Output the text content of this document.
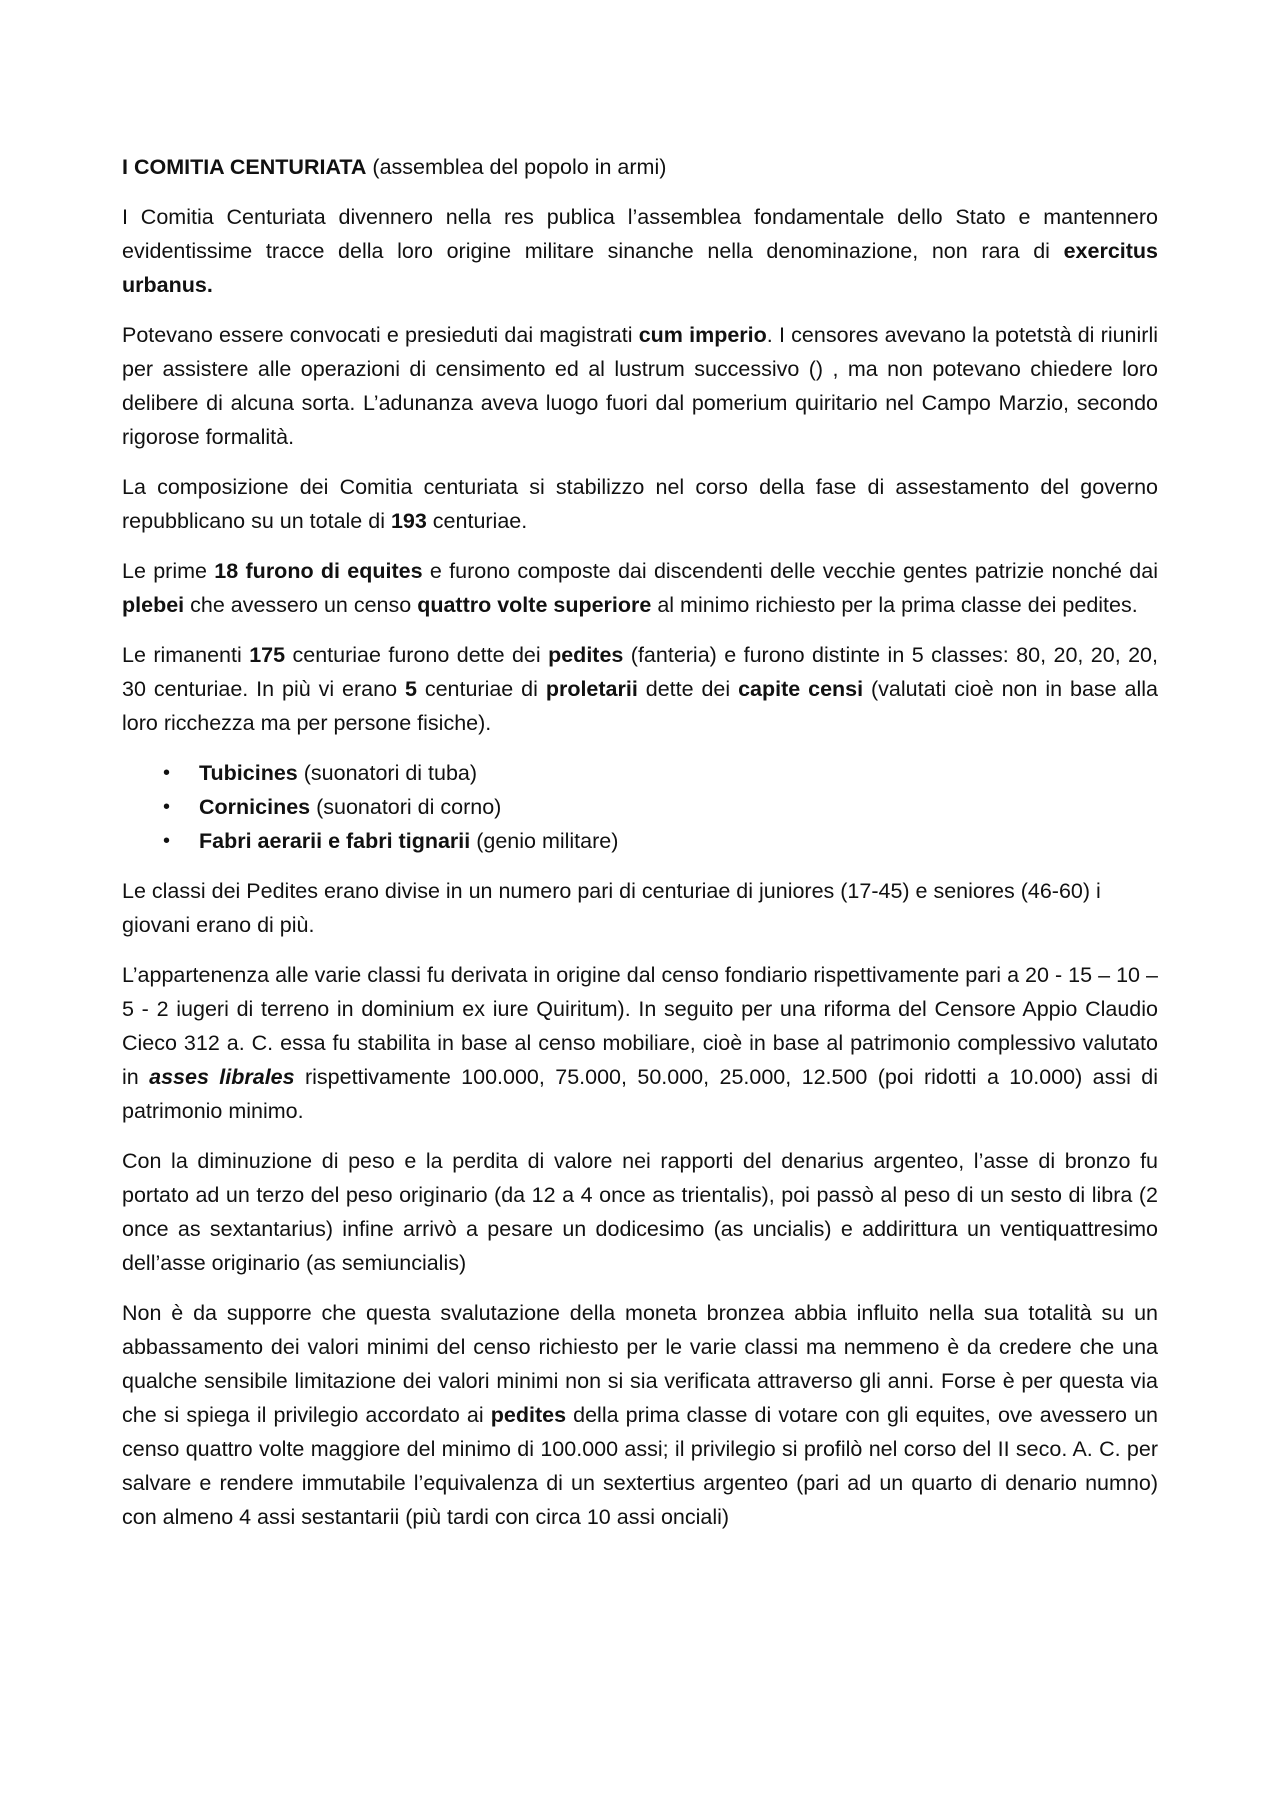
I COMITIA CENTURIATA (assemblea del popolo in armi)

I Comitia Centuriata divennero nella res publica l’assemblea fondamentale dello Stato e mantennero evidentissime tracce della loro origine militare sinanche nella denominazione, non rara di exercitus urbanus.

Potevano essere convocati e presieduti dai magistrati cum imperio. I censores avevano la potetstà di riunirli per assistere alle operazioni di censimento ed al lustrum successivo () , ma non potevano chiedere loro delibere di alcuna sorta. L’adunanza aveva luogo fuori dal pomerium quiritario nel Campo Marzio, secondo rigorose formalità.

La composizione dei Comitia centuriata si stabilizzo nel corso della fase di assestamento del governo repubblicano su un totale di 193 centuriae.

Le prime 18 furono di equites e furono composte dai discendenti delle vecchie gentes patrizie nonché dai plebei che avessero un censo quattro volte superiore al minimo richiesto per la prima classe dei pedites.

Le rimanenti 175 centuriae furono dette dei pedites (fanteria) e furono distinte in 5 classes: 80, 20, 20, 20, 30 centuriae. In più vi erano 5 centuriae di proletarii dette dei capite censi (valutati cioè non in base alla loro ricchezza ma per persone fisiche).

• Tubicines (suonatori di tuba)
• Cornicines (suonatori di corno)
• Fabri aerarii e fabri tignarii (genio militare)

Le classi dei Pedites erano divise in un numero pari di centuriae di juniores (17-45) e seniores (46-60) i giovani erano di più.

L’appartenenza alle varie classi fu derivata in origine dal censo fondiario rispettivamente pari a 20 - 15 – 10 – 5 - 2 iugeri di terreno in dominium ex iure Quiritum). In seguito per una riforma del Censore Appio Claudio Cieco 312 a. C. essa fu stabilita in base al censo mobiliare, cioè in base al patrimonio complessivo valutato in asses librales rispettivamente 100.000, 75.000, 50.000, 25.000, 12.500 (poi ridotti a 10.000) assi di patrimonio minimo.

Con la diminuzione di peso e la perdita di valore nei rapporti del denarius argenteo, l’asse di bronzo fu portato ad un terzo del peso originario (da 12 a 4 once as trientalis), poi passò al peso di un sesto di libra (2 once as sextantarius) infine arrivò a pesare un dodicesimo (as uncialis) e addirittura un ventiquattresimo dell’asse originario (as semiuncialis)

Non è da supporre che questa svalutazione della moneta bronzea abbia influito nella sua totalità su un abbassamento dei valori minimi del censo richiesto per le varie classi ma nemmeno è da credere che una qualche sensibile limitazione dei valori minimi non si sia verificata attraverso gli anni. Forse è per questa via che si spiega il privilegio accordato ai pedites della prima classe di votare con gli equites, ove avessero un censo quattro volte maggiore del minimo di 100.000 assi; il privilegio si profilò nel corso del II seco. A. C. per salvare e rendere immutabile l’equivalenza di un sextertius argenteo (pari ad un quarto di denario numno) con almeno 4 assi sestantarii (più tardi con circa 10 assi onciali)
